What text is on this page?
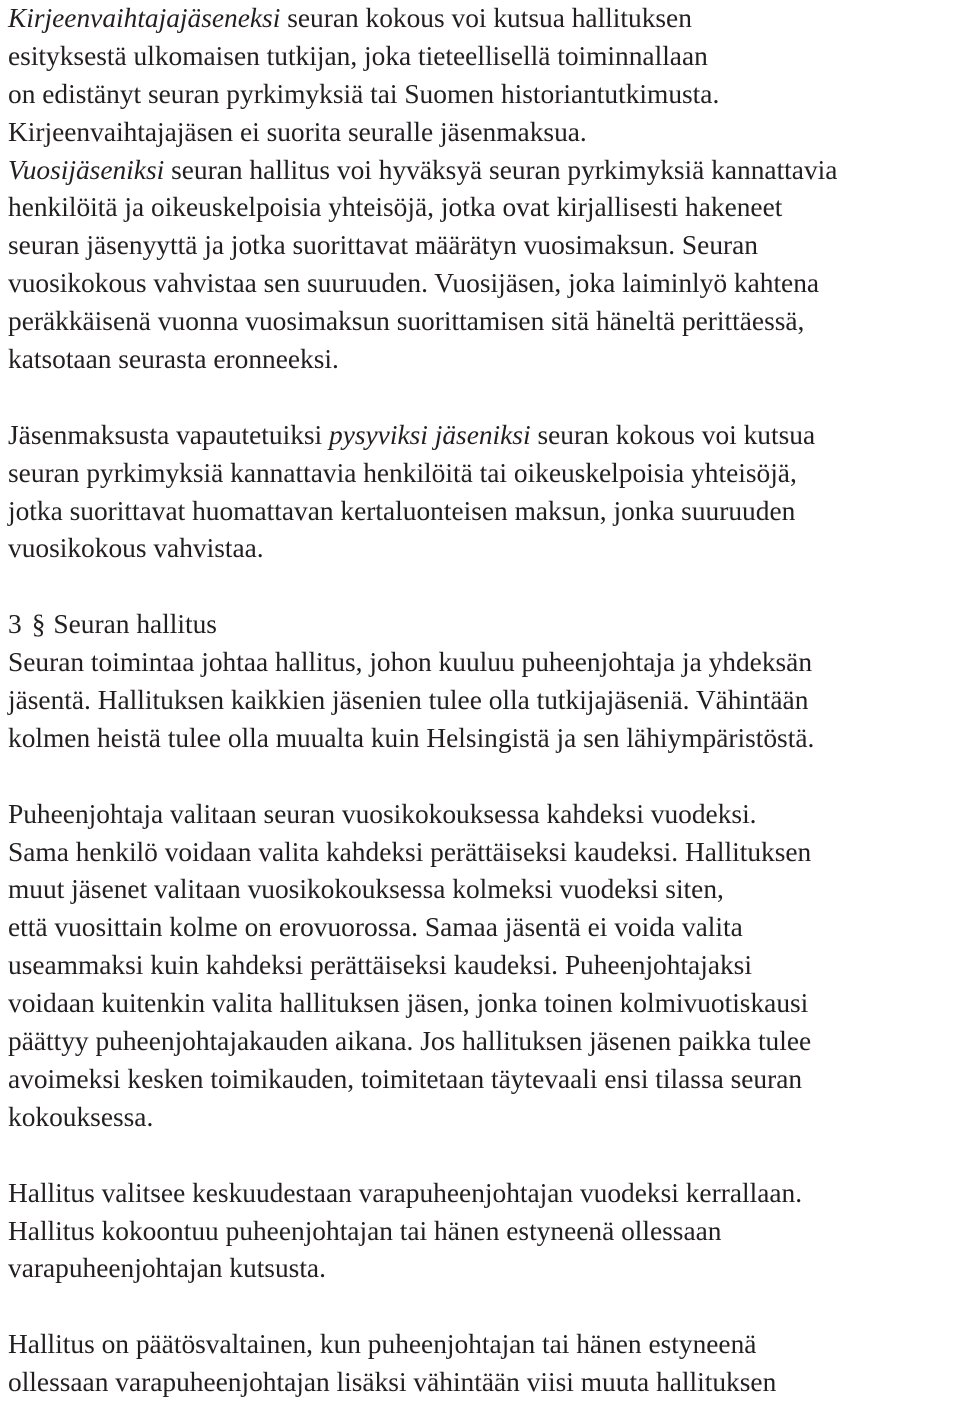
Kirjeenvaihtajajäseneksi seuran kokous voi kutsua hallituksen
esityksestä ulkomaisen tutkijan, joka tieteellisellä toiminnallaan
on edistänyt seuran pyrkimyksiä tai Suomen historiantutkimusta.
Kirjeenvaihtajajäsen ei suorita seuralle jäsenmaksua.
Vuosijäseniksi seuran hallitus voi hyväksyä seuran pyrkimyksiä kannattavia
henkilöitä ja oikeuskelpoisia yhteisöjä, jotka ovat kirjallisesti hakeneet
seuran jäsenyyttä ja jotka suorittavat määrätyn vuosimaksun. Seuran
vuosikokous vahvistaa sen suuruuden. Vuosijäsen, joka laiminlyö kahtena
peräkkäisenä vuonna vuosimaksun suorittamisen sitä häneltä perittäessä,
katsotaan seurasta eronneeksi.
Jäsenmaksusta vapautetuiksi pysyviksi jäseniksi seuran kokous voi kutsua
seuran pyrkimyksiä kannattavia henkilöitä tai oikeuskelpoisia yhteisöjä,
jotka suorittavat huomattavan kertaluonteisen maksun, jonka suuruuden
vuosikokous vahvistaa.
3 § Seuran hallitus
Seuran toimintaa johtaa hallitus, johon kuuluu puheenjohtaja ja yhdeksän
jäsentä. Hallituksen kaikkien jäsenien tulee olla tutkijajäseniä. Vähintään
kolmen heistä tulee olla muualta kuin Helsingistä ja sen lähiympäristöstä.
Puheenjohtaja valitaan seuran vuosikokouksessa kahdeksi vuodeksi.
Sama henkilö voidaan valita kahdeksi perättäiseksi kaudeksi. Hallituksen
muut jäsenet valitaan vuosikokouksessa kolmeksi vuodeksi siten,
että vuosittain kolme on erovuorossa. Samaa jäsentä ei voida valita
useammaksi kuin kahdeksi perättäiseksi kaudeksi. Puheenjohtajaksi
voidaan kuitenkin valita hallituksen jäsen, jonka toinen kolmivuotiskausi
päättyy puheenjohtajakauden aikana. Jos hallituksen jäsenen paikka tulee
avoimeksi kesken toimikauden, toimitetaan täytevaali ensi tilassa seuran
kokouksessa.
Hallitus valitsee keskuudestaan varapuheenjohtajan vuodeksi kerrallaan.
Hallitus kokoontuu puheenjohtajan tai hänen estyneenä ollessaan
varapuheenjohtajan kutsusta.
Hallitus on päätösvaltainen, kun puheenjohtajan tai hänen estyneenä
ollessaan varapuheenjohtajan lisäksi vähintään viisi muuta hallituksen
